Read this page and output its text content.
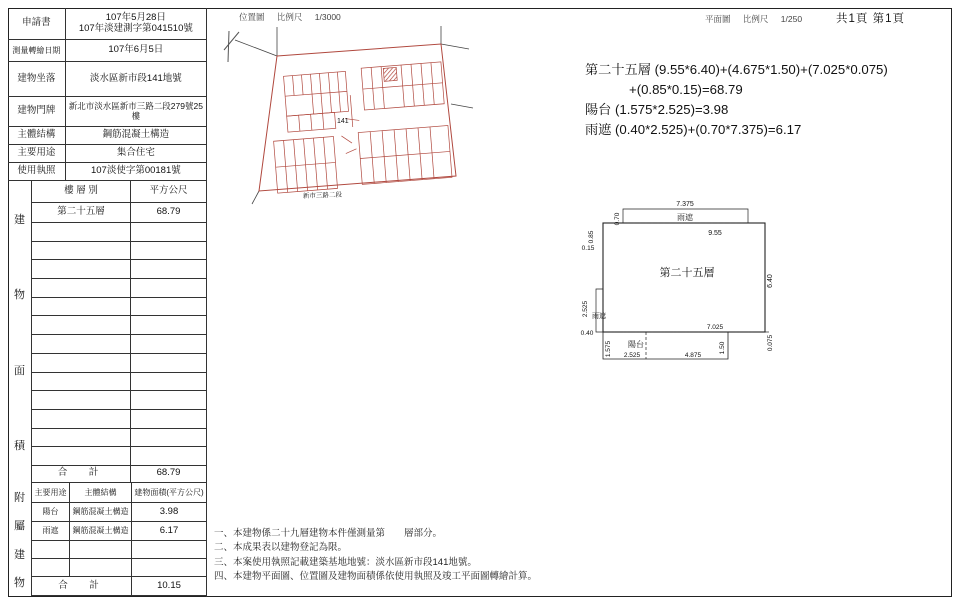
申請書	107年5月28日
107年淡建測字第041510號
測量轉繪日期	107年6月5日
建物坐落	淡水區新市段141地號
建物門牌	新北市淡水區新市三路二段279號25樓
主體結構	鋼筋混凝土構造
主要用途	集合住宅
使用執照	107淡使字第00181號
建
物
面
積
樓 層 別	平方公尺
第二十五層	68.79
合　計	68.79
附
屬
建
物
主要用途	主體結構	建物面積(平方公尺)
陽台	鋼筋混凝土構造	3.98
雨遮	鋼筋混凝土構造	6.17
合　計	10.15
位置圖 比例尺 1/3000	平面圖 比例尺 1/250	共1頁 第1頁
141
新市三路二段
第二十五層 (9.55*6.40)+(4.675*1.50)+(7.025*0.075)
+(0.85*0.15)=68.79
陽台 (1.575*2.525)=3.98
雨遮 (0.40*2.525)+(0.70*7.375)=6.17
7.375
0.70	雨遮
9.55
6.40
第二十五層
0.85
0.15
2.525 雨遮
0.40
1.575 陽台
2.525	4.875
1.50
7.025
0.075
一、本建物係二十九層建物本件僅測量第　　層部分。
二、本成果表以建物登記為限。
三、本案使用執照記載建築基地地號：淡水區新市段141地號。
四、本建物平面圖、位置圖及建物面積係依使用執照及竣工平面圖轉繪計算。
